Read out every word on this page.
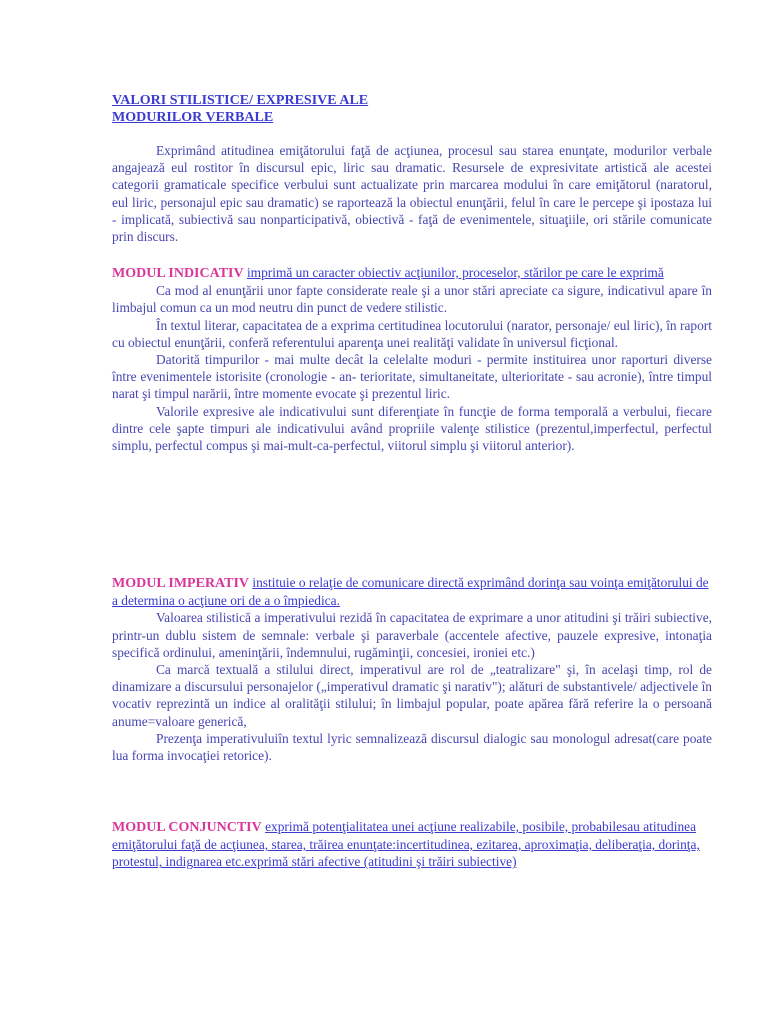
VALORI STILISTICE/ EXPRESIVE ALE
MODURILOR VERBALE

Exprimând atitudinea emiţătorului faţă de acţiunea, procesul sau starea enunţate, modurilor verbale angajează eul rostitor în discursul epic, liric sau dramatic. Resursele de expresivitate artistică ale acestei categorii gramaticale specifice verbului sunt actualizate prin marcarea modului în care emiţătorul (naratorul, eul liric, personajul epic sau dramatic) se raportează la obiectul enunţării, felul în care le percepe şi ipostaza lui - implicată, subiectivă sau nonparticipativă, obiectivă - faţă de evenimentele, situaţiile, ori stările comunicate prin discurs.

MODUL INDICATIV imprimă un caracter obiectiv acţiunilor, proceselor, stărilor pe care le exprimă

Ca mod al enunţării unor fapte considerate reale şi a unor stări apreciate ca sigure, indicativul apare în limbajul comun ca un mod neutru din punct de vedere stilistic.

În textul literar, capacitatea de a exprima certitudinea locutorului (narator, personaje/ eul liric), în raport cu obiectul enunţării, conferă referentului aparenţa unei realităţi validate în universul ficţional.

Datorită timpurilor - mai multe decât la celelalte moduri - permite instituirea unor raporturi diverse între evenimentele istorisite (cronologie - an- terioritate, simultaneitate, ulterioritate - sau acronie), între timpul narat şi timpul narării, între momente evocate şi prezentul liric.

Valorile expresive ale indicativului sunt diferenţiate în funcţie de forma temporală a verbului, fiecare dintre cele şapte timpuri ale indicativului având propriile valenţe stilistice (prezentul,imperfectul, perfectul simplu, perfectul compus şi mai-mult-ca-perfectul, viitorul simplu şi viitorul anterior).

MODUL IMPERATIV instituie o relaţie de comunicare directă exprimând dorinţa sau voinţa emiţătorului de a determina o acţiune ori de a o împiedica.

Valoarea stilistică a imperativului rezidă în capacitatea de exprimare a unor atitudini şi trăiri subiective, printr-un dublu sistem de semnale: verbale şi paraverbale (accentele afective, pauzele expresive, intonaţia specifică ordinului, ameninţării, îndemnului, rugăminţii, concesiei, ironiei etc.)

Ca marcă textuală a stilului direct, imperativul are rol de „teatralizare" şi, în acelaşi timp, rol de dinamizare a discursului personajelor („imperativul dramatic şi narativ"); alături de substantivele/ adjectivele în vocativ reprezintă un indice al oralităţii stilului; în limbajul popular, poate apărea fără referire la o persoană anume=valoare generică,

Prezenţa imperativuluiîn textul lyric semnalizează discursul dialogic sau monologul adresat(care poate lua forma invocaţiei retorice).

MODUL CONJUNCTIV exprimă potenţialitatea unei acţiune realizabile, posibile, probabilesau atitudinea emiţătorului faţă de acţiunea, starea, trăirea enunţate:incertitudinea, ezitarea, aproximaţia, deliberaţia, dorinţa, protestul, indignarea etc.exprimă stări afective (atitudini şi trăiri subiective)
